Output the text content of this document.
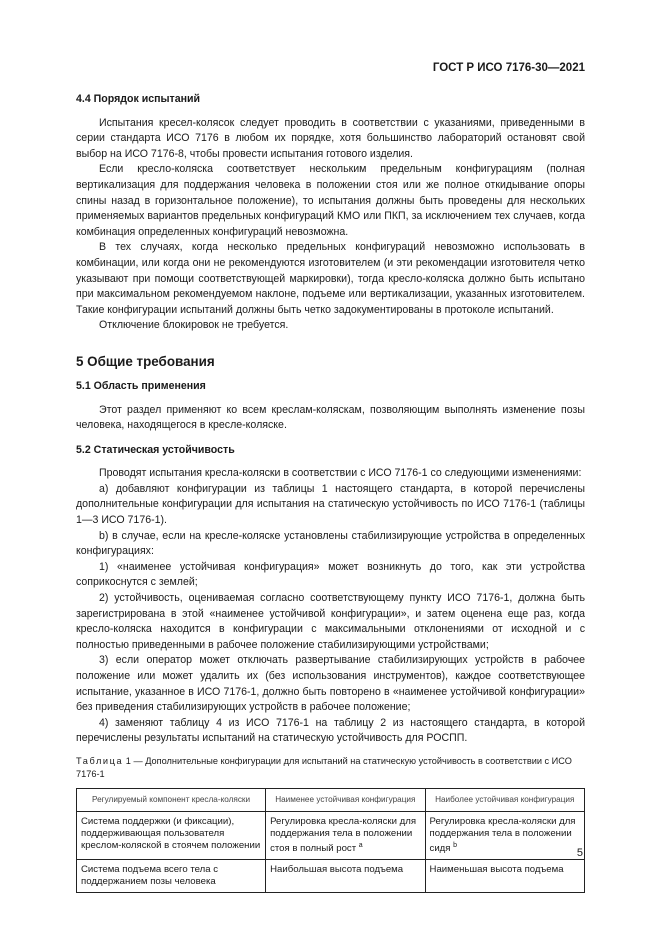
ГОСТ Р ИСО 7176-30—2021
4.4 Порядок испытаний

Испытания кресел-колясок следует проводить в соответствии с указаниями, приведенными в серии стандарта ИСО 7176 в любом их порядке, хотя большинство лабораторий остановят свой выбор на ИСО 7176-8, чтобы провести испытания готового изделия.

Если кресло-коляска соответствует нескольким предельным конфигурациям (полная вертикализация для поддержания человека в положении стоя или же полное откидывание опоры спины назад в горизонтальное положение), то испытания должны быть проведены для нескольких применяемых вариантов предельных конфигураций КМО или ПКП, за исключением тех случаев, когда комбинация определенных конфигураций невозможна.

В тех случаях, когда несколько предельных конфигураций невозможно использовать в комбинации, или когда они не рекомендуются изготовителем (и эти рекомендации изготовителя четко указывают при помощи соответствующей маркировки), тогда кресло-коляска должно быть испытано при максимальном рекомендуемом наклоне, подъеме или вертикализации, указанных изготовителем. Такие конфигурации испытаний должны быть четко задокументированы в протоколе испытаний.

Отключение блокировок не требуется.

5 Общие требования
5.1 Область применения

Этот раздел применяют ко всем креслам-коляскам, позволяющим выполнять изменение позы человека, находящегося в кресле-коляске.

5.2 Статическая устойчивость

Проводят испытания кресла-коляски в соответствии с ИСО 7176-1 со следующими изменениями:

а) добавляют конфигурации из таблицы 1 настоящего стандарта, в которой перечислены дополнительные конфигурации для испытания на статическую устойчивость по ИСО 7176-1 (таблицы 1—3 ИСО 7176-1).

b) в случае, если на кресле-коляске установлены стабилизирующие устройства в определенных конфигурациях:

1) «наименее устойчивая конфигурация» может возникнуть до того, как эти устройства соприкоснутся с землей;

2) устойчивость, оцениваемая согласно соответствующему пункту ИСО 7176-1, должна быть зарегистрирована в этой «наименее устойчивой конфигурации», и затем оценена еще раз, когда кресло-коляска находится в конфигурации с максимальными отклонениями от исходной и с полностью приведенными в рабочее положение стабилизирующими устройствами;

3) если оператор может отключать развертывание стабилизирующих устройств в рабочее положение или может удалить их (без использования инструментов), каждое соответствующее испытание, указанное в ИСО 7176-1, должно быть повторено в «наименее устойчивой конфигурации» без приведения стабилизирующих устройств в рабочее положение;

4) заменяют таблицу 4 из ИСО 7176-1 на таблицу 2 из настоящего стандарта, в которой перечислены результаты испытаний на статическую устойчивость для РОСПП.

Таблица 1 — Дополнительные конфигурации для испытаний на статическую устойчивость в соответствии с ИСО 7176-1

Регулируемый компонент кресла-коляски	Наименее устойчивая конфигурация	Наиболее устойчивая конфигурация
Система поддержки (и фиксации), поддерживающая пользователя креслом-коляской в стоячем положении	Регулировка кресла-коляски для поддержания тела в положении стоя в полный рост $^a$	Регулировка кресла-коляски для поддержания тела в положении сидя $^b$
Система подъема всего тела с поддержанием позы человека	Наибольшая высота подъема	Наименьшая высота подъема
5
